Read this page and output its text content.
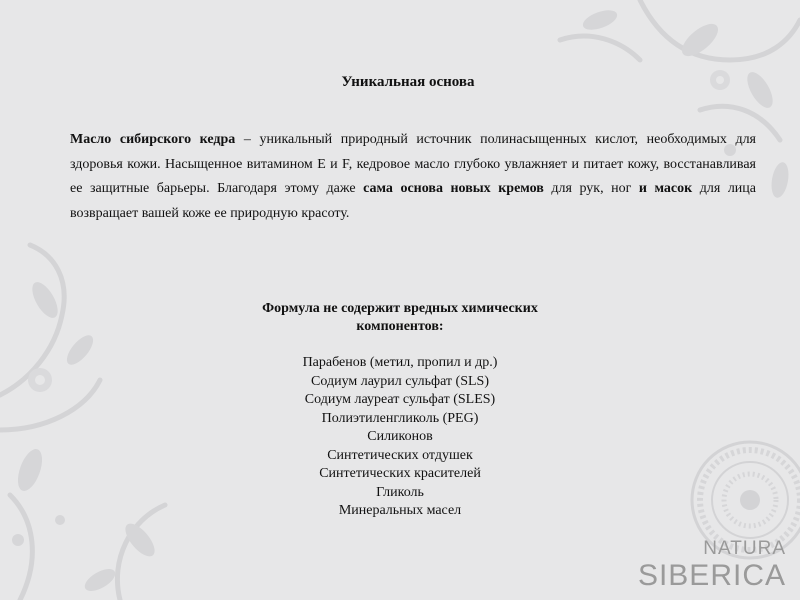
Уникальная основа

Масло сибирского кедра – уникальный природный источник полинасыщенных кислот, необходимых для здоровья кожи. Насыщенное витамином Е и F, кедровое масло глубоко увлажняет и питает кожу, восстанавливая ее защитные барьеры. Благодаря этому даже сама основа новых кремов для рук, ног и масок для лица возвращает вашей коже ее природную красоту.

Формула не содержит вредных химических компонентов:
Парабенов (метил, пропил и др.)
Содиум лаурил сульфат (SLS)
Содиум лауреат сульфат (SLES)
Полиэтиленгликоль (PEG)
Силиконов
Синтетических отдушек
Синтетических красителей
Гликоль
Минеральных масел
NATURA
SIBERICA
